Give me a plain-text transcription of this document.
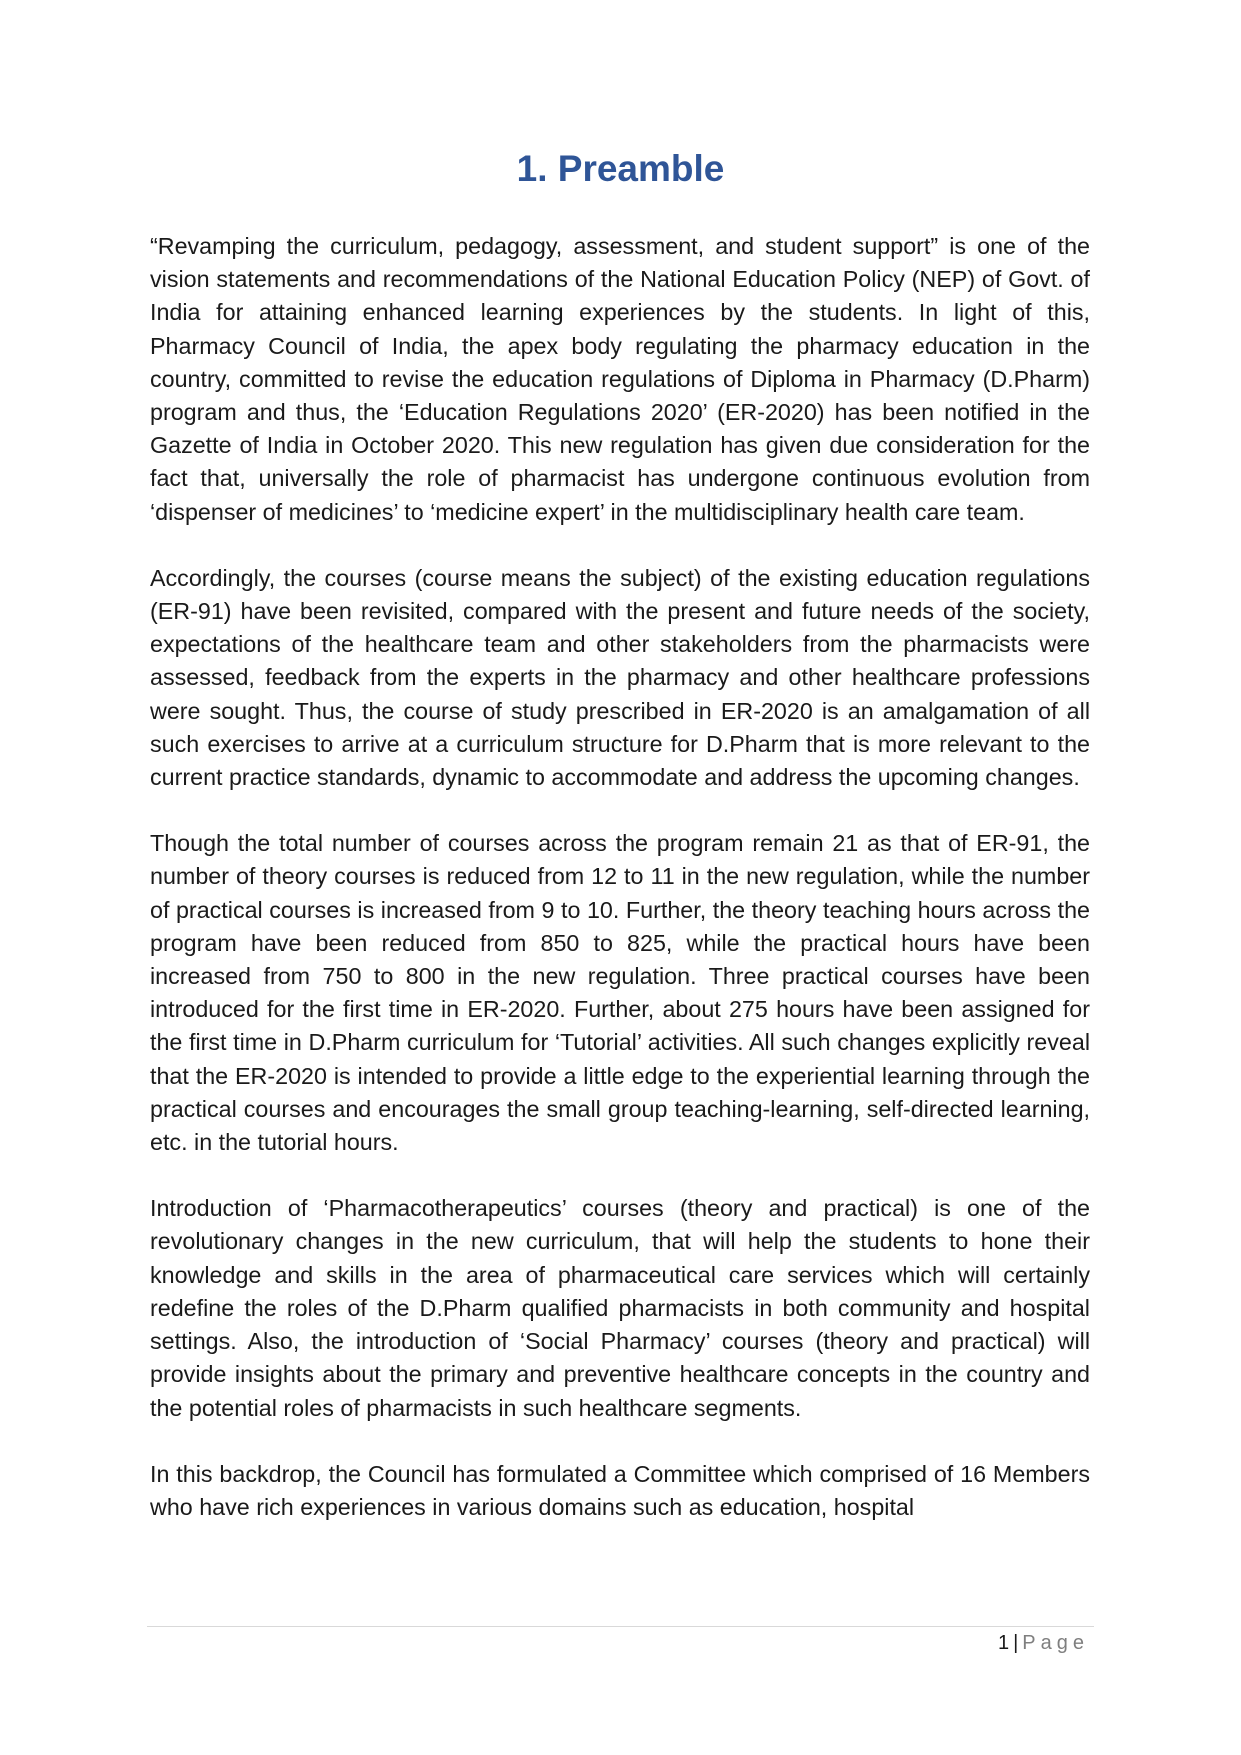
1. Preamble

“Revamping the curriculum, pedagogy, assessment, and student support” is one of the vision statements and recommendations of the National Education Policy (NEP) of Govt. of India for attaining enhanced learning experiences by the students. In light of this, Pharmacy Council of India, the apex body regulating the pharmacy education in the country, committed to revise the education regulations of Diploma in Pharmacy (D.Pharm) program and thus, the ‘Education Regulations 2020’ (ER-2020) has been notified in the Gazette of India in October 2020. This new regulation has given due consideration for the fact that, universally the role of pharmacist has undergone continuous evolution from ‘dispenser of medicines’ to ‘medicine expert’ in the multidisciplinary health care team.

Accordingly, the courses (course means the subject) of the existing education regulations (ER-91) have been revisited, compared with the present and future needs of the society, expectations of the healthcare team and other stakeholders from the pharmacists were assessed, feedback from the experts in the pharmacy and other healthcare professions were sought. Thus, the course of study prescribed in ER-2020 is an amalgamation of all such exercises to arrive at a curriculum structure for D.Pharm that is more relevant to the current practice standards, dynamic to accommodate and address the upcoming changes.

Though the total number of courses across the program remain 21 as that of ER-91, the number of theory courses is reduced from 12 to 11 in the new regulation, while the number of practical courses is increased from 9 to 10. Further, the theory teaching hours across the program have been reduced from 850 to 825, while the practical hours have been increased from 750 to 800 in the new regulation. Three practical courses have been introduced for the first time in ER-2020. Further, about 275 hours have been assigned for the first time in D.Pharm curriculum for ‘Tutorial’ activities. All such changes explicitly reveal that the ER-2020 is intended to provide a little edge to the experiential learning through the practical courses and encourages the small group teaching-learning, self-directed learning, etc. in the tutorial hours.

Introduction of ‘Pharmacotherapeutics’ courses (theory and practical) is one of the revolutionary changes in the new curriculum, that will help the students to hone their knowledge and skills in the area of pharmaceutical care services which will certainly redefine the roles of the D.Pharm qualified pharmacists in both community and hospital settings. Also, the introduction of ‘Social Pharmacy’ courses (theory and practical) will provide insights about the primary and preventive healthcare concepts in the country and the potential roles of pharmacists in such healthcare segments.

In this backdrop, the Council has formulated a Committee which comprised of 16 Members who have rich experiences in various domains such as education, hospital

1 | Page
